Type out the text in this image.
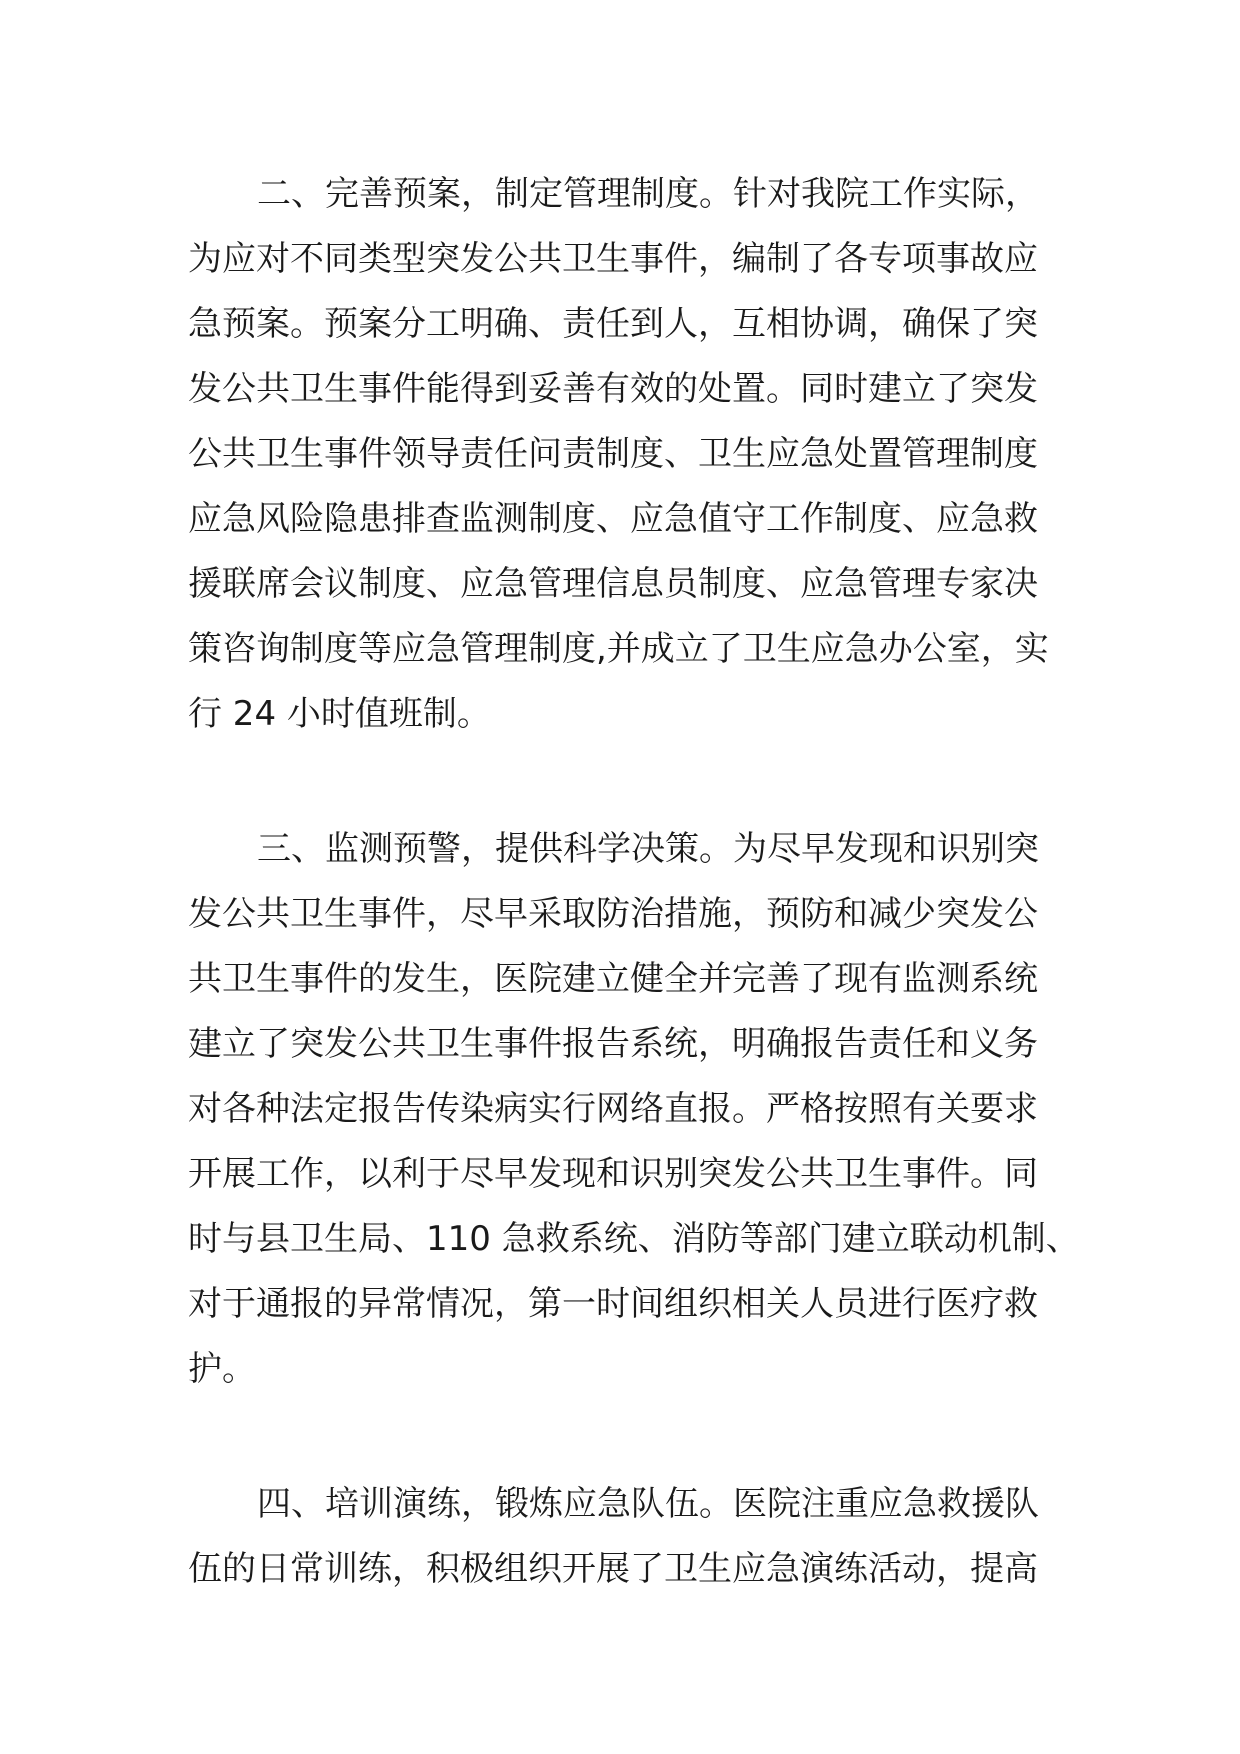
二、完善预案，制定管理制度。针对我院工作实际，
为应对不同类型突发公共卫生事件，编制了各专项事故应
急预案。预案分工明确、责任到人，互相协调，确保了突
发公共卫生事件能得到妥善有效的处置。同时建立了突发
公共卫生事件领导责任问责制度、卫生应急处置管理制度
应急风险隐患排查监测制度、应急值守工作制度、应急救
援联席会议制度、应急管理信息员制度、应急管理专家决
策咨询制度等应急管理制度,并成立了卫生应急办公室，实
行 24 小时值班制。
三、监测预警，提供科学决策。为尽早发现和识别突
发公共卫生事件，尽早采取防治措施，预防和减少突发公
共卫生事件的发生，医院建立健全并完善了现有监测系统
建立了突发公共卫生事件报告系统，明确报告责任和义务
对各种法定报告传染病实行网络直报。严格按照有关要求
开展工作，以利于尽早发现和识别突发公共卫生事件。同
时与县卫生局、110 急救系统、消防等部门建立联动机制、
对于通报的异常情况，第一时间组织相关人员进行医疗救
护。
四、培训演练，锻炼应急队伍。医院注重应急救援队
伍的日常训练，积极组织开展了卫生应急演练活动，提高
